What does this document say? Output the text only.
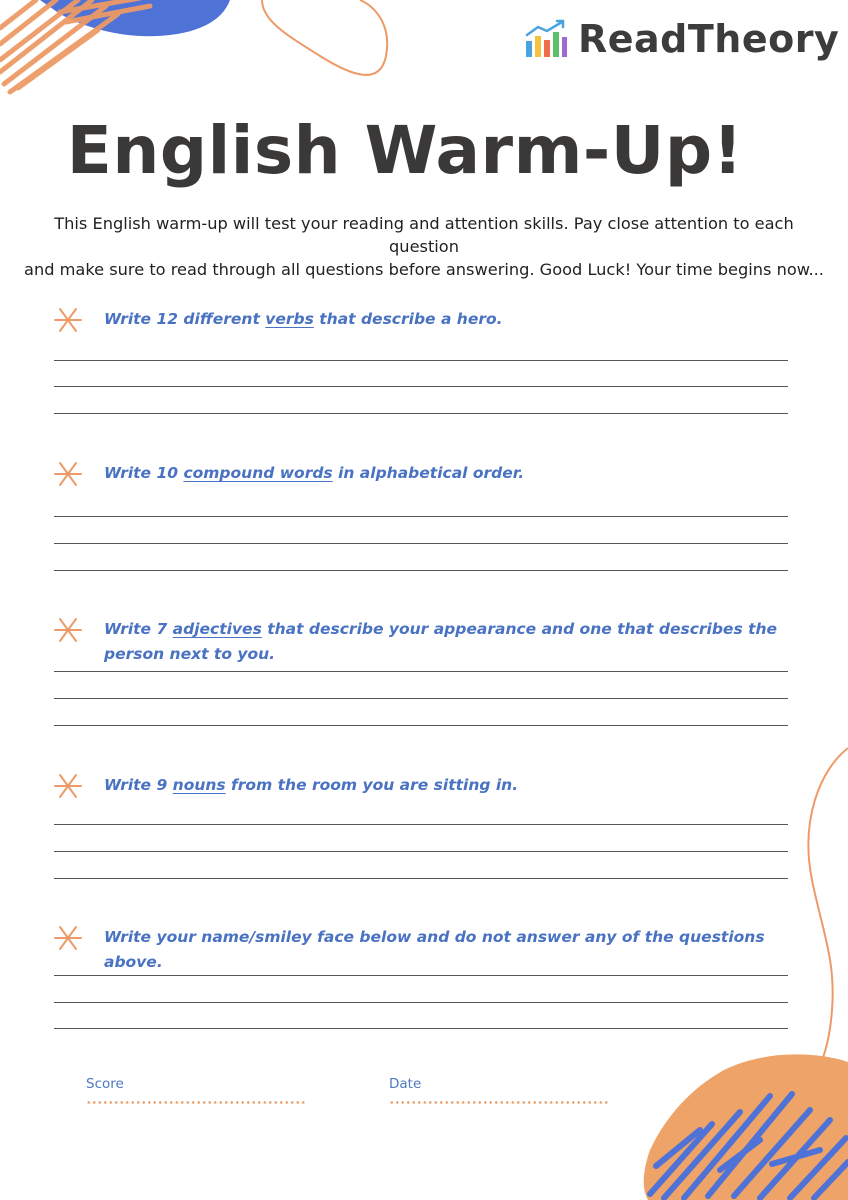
ReadTheory
English Warm-Up!
This English warm-up will test your reading and attention skills. Pay close attention to each question
and make sure to read through all questions before answering. Good Luck! Your time begins now...
Write 12 different verbs that describe a hero.
Write 10 compound words in alphabetical order.
Write 7 adjectives that describe your appearance and one that describes the
person next to you.
Write 9 nouns from the room you are sitting in.
Write your name/smiley face below and do not answer any of the questions above.
Score	Date
